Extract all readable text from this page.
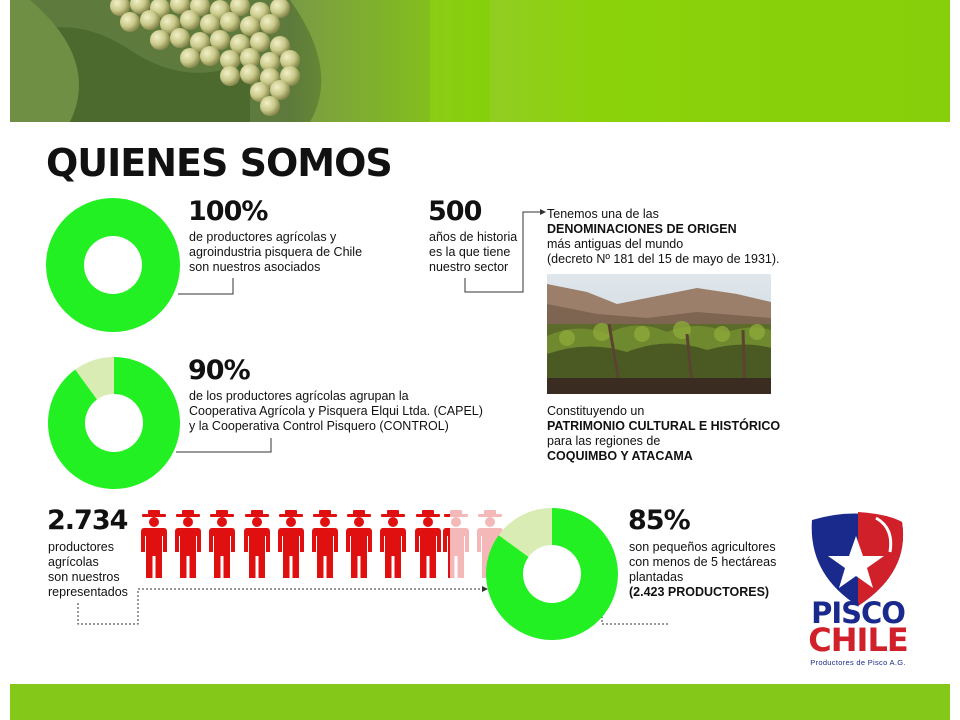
QUIENES SOMOS
100%
de productores agrícolas y
agroindustria pisquera de Chile
son nuestros asociados
500
años de historia
es la que tiene
nuestro sector
Tenemos una de las
DENOMINACIONES DE ORIGEN
más antiguas del mundo
(decreto Nº 181 del 15 de mayo de 1931).
Constituyendo un
PATRIMONIO CULTURAL E HISTÓRICO
para las regiones de
COQUIMBO Y ATACAMA
90%
de los productores agrícolas agrupan la
Cooperativa Agrícola y Pisquera Elqui Ltda. (CAPEL)
y la Cooperativa Control Pisquero (CONTROL)
2.734
productores
agrícolas
son nuestros
representados
85%
son pequeños agricultores
con menos de 5 hectáreas
plantadas
(2.423 PRODUCTORES)
PISCO
CHILE
Productores de Pisco A.G.
